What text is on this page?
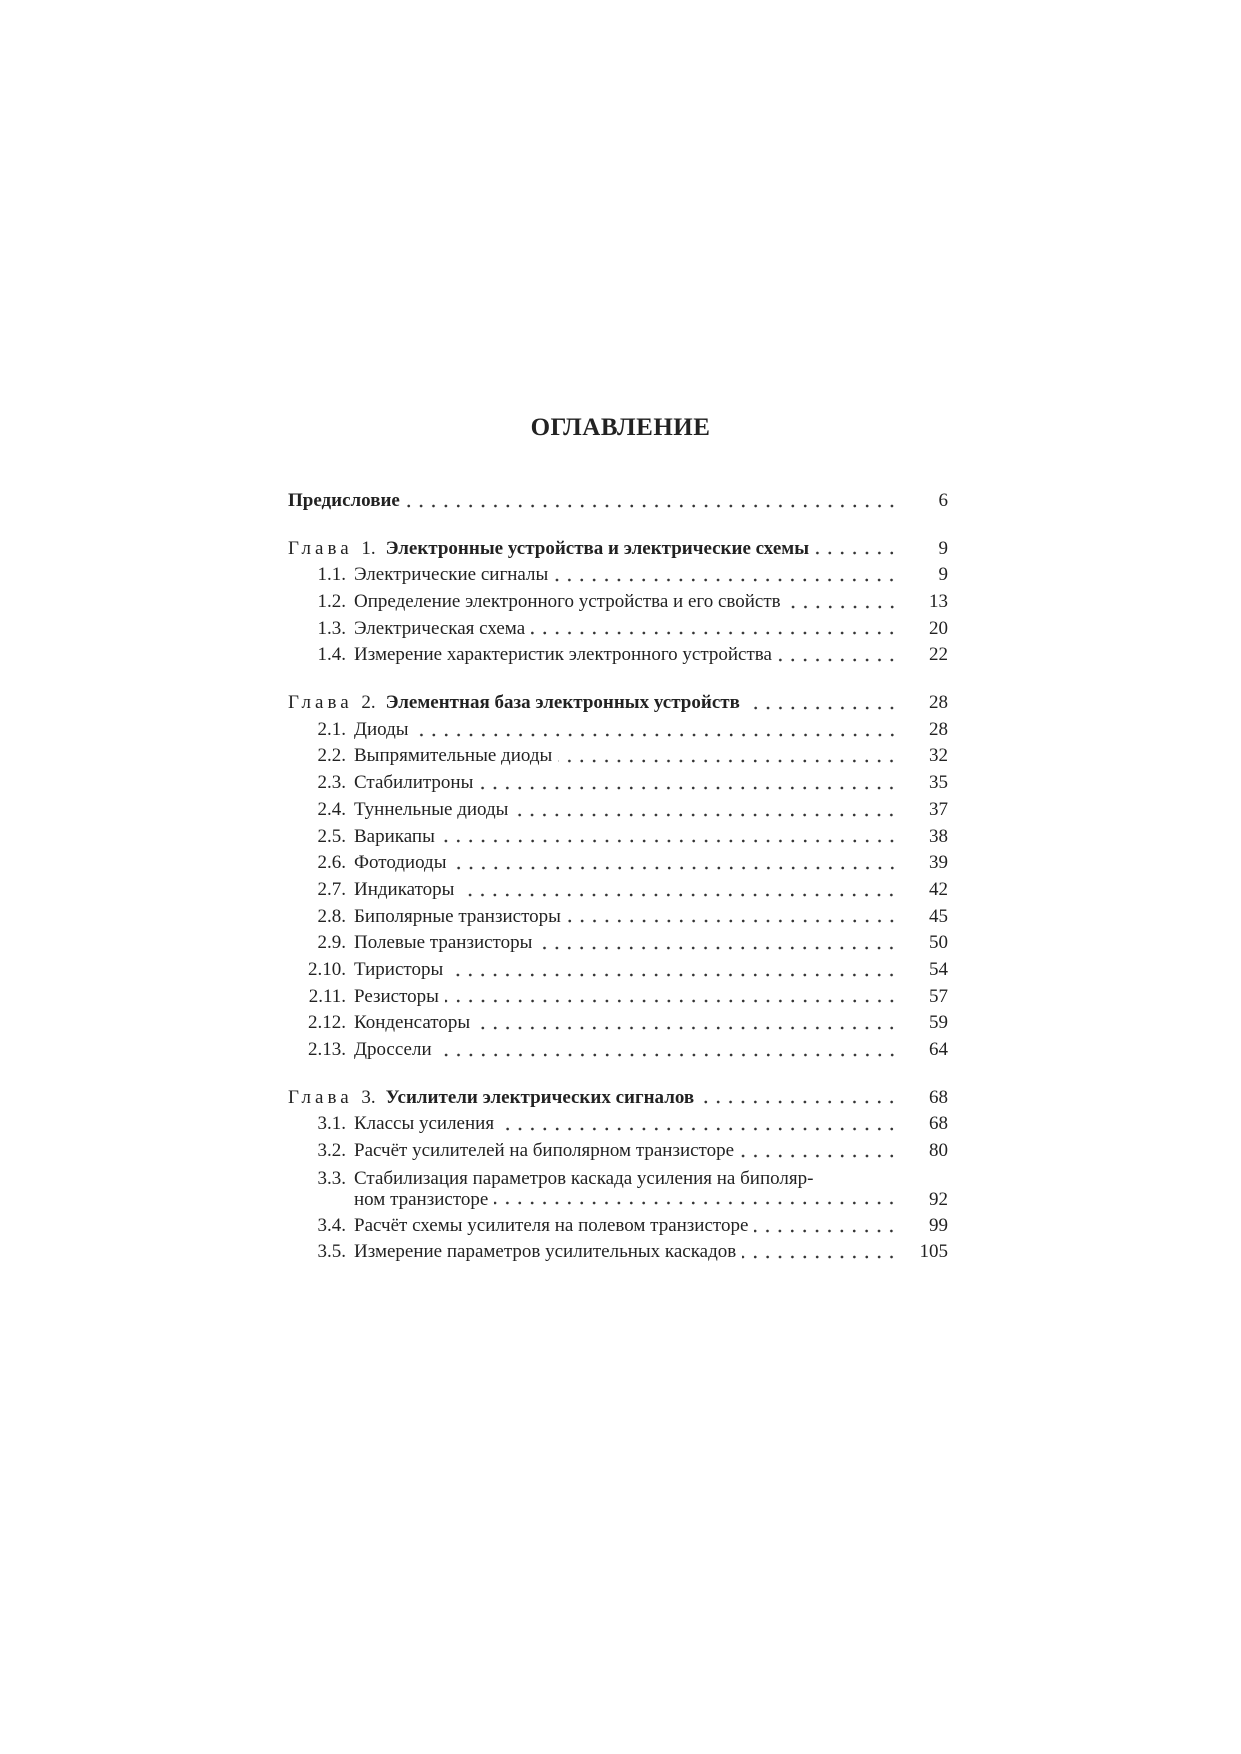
ОГЛАВЛЕНИЕ
Предисловие	6
Глава 1. Электронные устройства и электрические схемы	9
1.1. Электрические сигналы	9
1.2. Определение электронного устройства и его свойств	13
1.3. Электрическая схема	20
1.4. Измерение характеристик электронного устройства	22
Глава 2. Элементная база электронных устройств	28
2.1. Диоды	28
2.2. Выпрямительные диоды	32
2.3. Стабилитроны	35
2.4. Туннельные диоды	37
2.5. Варикапы	38
2.6. Фотодиоды	39
2.7. Индикаторы	42
2.8. Биполярные транзисторы	45
2.9. Полевые транзисторы	50
2.10. Тиристоры	54
2.11. Резисторы	57
2.12. Конденсаторы	59
2.13. Дроссели	64
Глава 3. Усилители электрических сигналов	68
3.1. Классы усиления	68
3.2. Расчёт усилителей на биполярном транзисторе	80
3.3. Стабилизация параметров каскада усиления на биполяр-
ном транзисторе	92
3.4. Расчёт схемы усилителя на полевом транзисторе	99
3.5. Измерение параметров усилительных каскадов	105
